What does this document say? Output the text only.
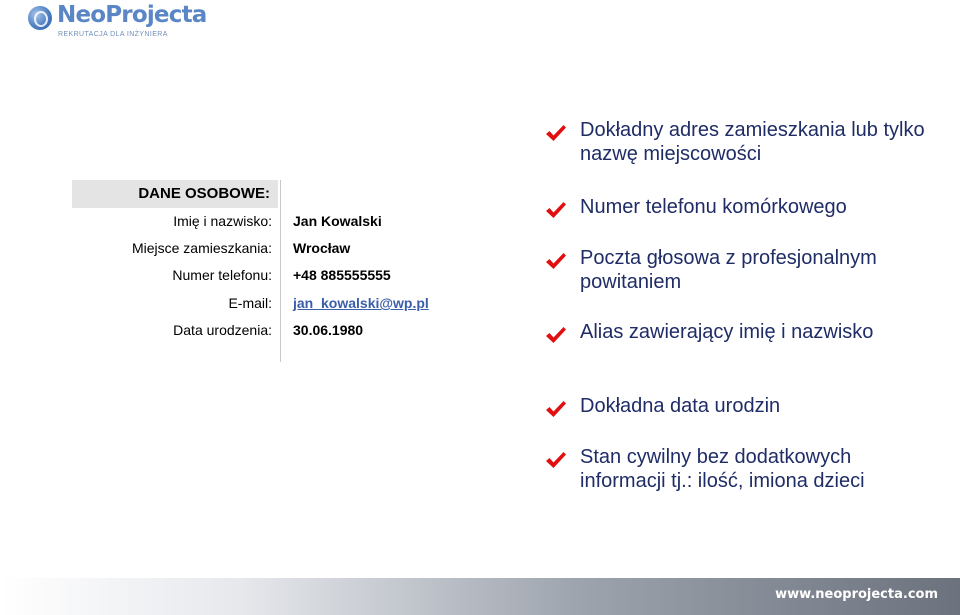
NeoProjecta
REKRUTACJA DLA INŻYNIERA
DANE OSOBOWE:
Imię i nazwisko: Jan Kowalski
Miejsce zamieszkania: Wrocław
Numer telefonu: +48 885555555
E-mail: jan_kowalski@wp.pl
Data urodzenia: 30.06.1980
Dokładny adres zamieszkania lub tylko nazwę miejscowości
Numer telefonu komórkowego
Poczta głosowa z profesjonalnym powitaniem
Alias zawierający imię i nazwisko
Dokładna data urodzin
Stan cywilny bez dodatkowych informacji tj.: ilość, imiona dzieci
www.neoprojecta.com
